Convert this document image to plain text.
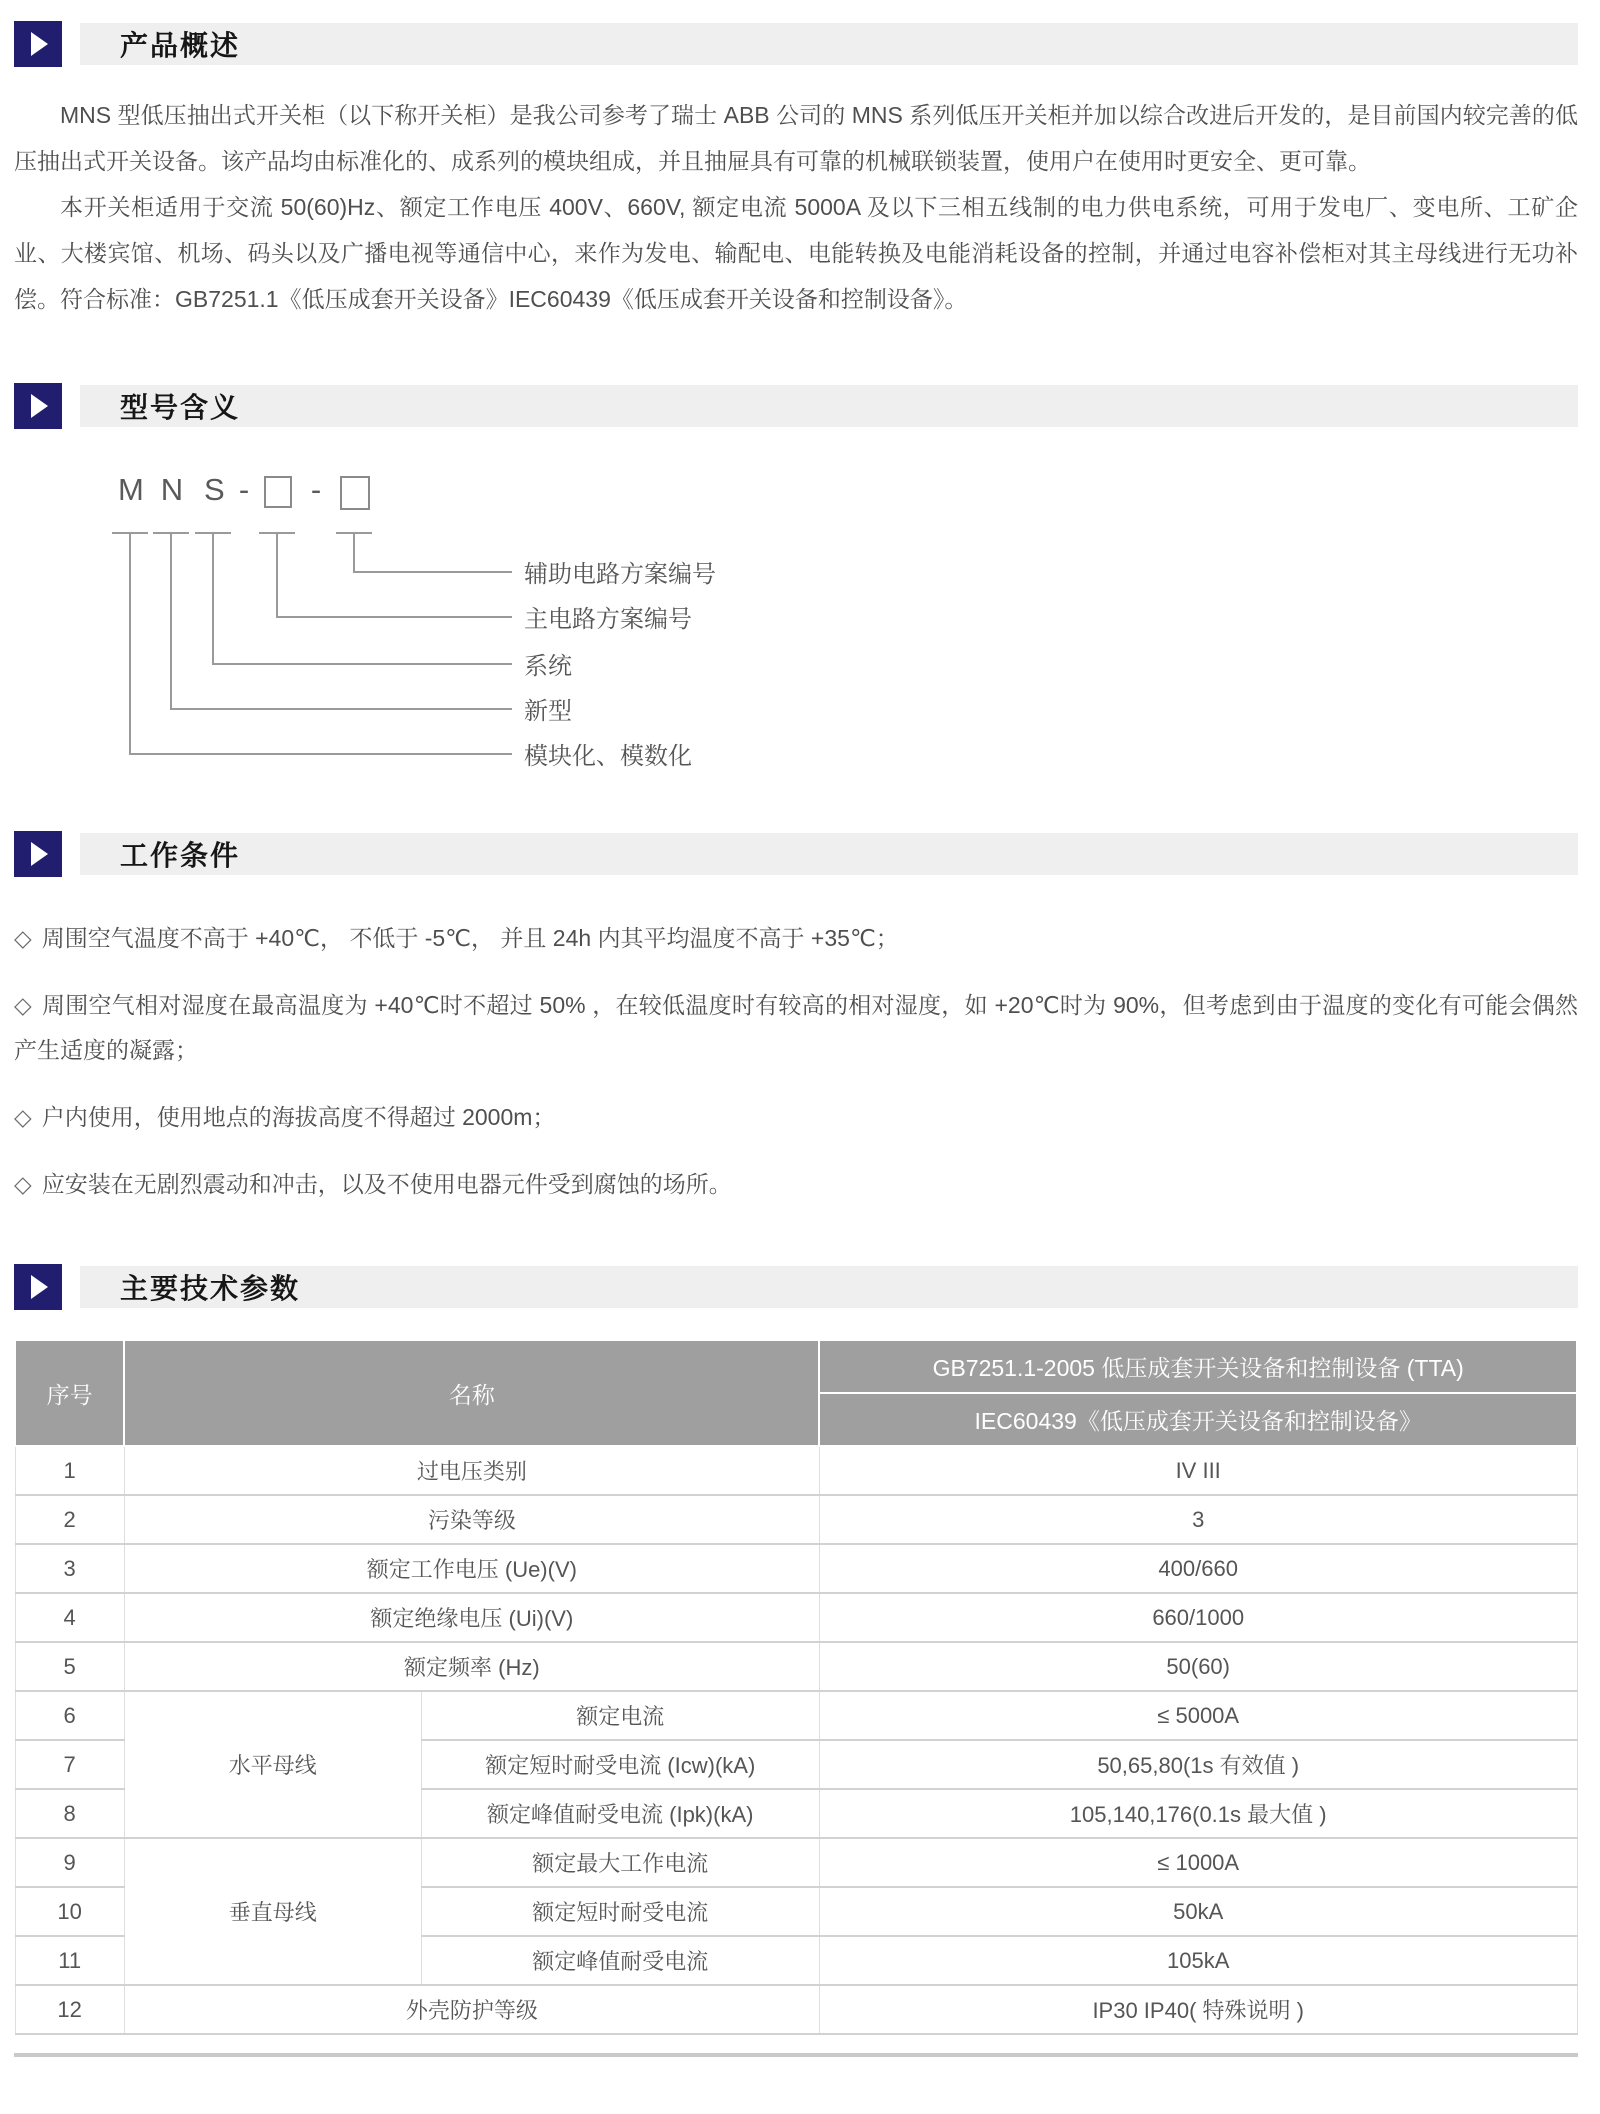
产品概述

MNS 型低压抽出式开关柜（以下称开关柜）是我公司参考了瑞士 ABB 公司的 MNS 系列低压开关柜并加以综合改进后开发的，是目前国内较完善的低压抽出式开关设备。该产品均由标准化的、成系列的模块组成，并且抽屉具有可靠的机械联锁装置，使用户在使用时更安全、更可靠。

本开关柜适用于交流 50(60)Hz、额定工作电压 400V、660V, 额定电流 5000A 及以下三相五线制的电力供电系统，可用于发电厂、变电所、工矿企业、大楼宾馆、机场、码头以及广播电视等通信中心，来作为发电、输配电、电能转换及电能消耗设备的控制，并通过电容补偿柜对其主母线进行无功补偿。符合标准：GB7251.1《低压成套开关设备》IEC60439《低压成套开关设备和控制设备》。

型号含义
M N S - -
辅助电路方案编号
主电路方案编号
系统
新型
模块化、模数化
工作条件

◇ 周围空气温度不高于 +40℃， 不低于 -5℃， 并且 24h 内其平均温度不高于 +35℃；

◇ 周围空气相对湿度在最高温度为 +40℃时不超过 50% ，在较低温度时有较高的相对湿度，如 +20℃时为 90%，但考虑到由于温度的变化有可能会偶然产生适度的凝露；

◇ 户内使用，使用地点的海拔高度不得超过 2000m；

◇ 应安装在无剧烈震动和冲击，以及不使用电器元件受到腐蚀的场所。

主要技术参数
序号	名称		GB7251.1-2005 低压成套开关设备和控制设备 (TTA)
			IEC60439《低压成套开关设备和控制设备》
1	过电压类别		IV III
2	污染等级		3
3	额定工作电压 (Ue)(V)		400/660
4	额定绝缘电压 (Ui)(V)		660/1000
5	额定频率 (Hz)		50(60)
6	水平母线	额定电流	≤ 5000A
7		额定短时耐受电流 (Icw)(kA)	50,65,80(1s 有效值 )
8		额定峰值耐受电流 (Ipk)(kA)	105,140,176(0.1s 最大值 )
9	垂直母线	额定最大工作电流	≤ 1000A
10		额定短时耐受电流	50kA
11		额定峰值耐受电流	105kA
12	外壳防护等级		IP30 IP40( 特殊说明 )
